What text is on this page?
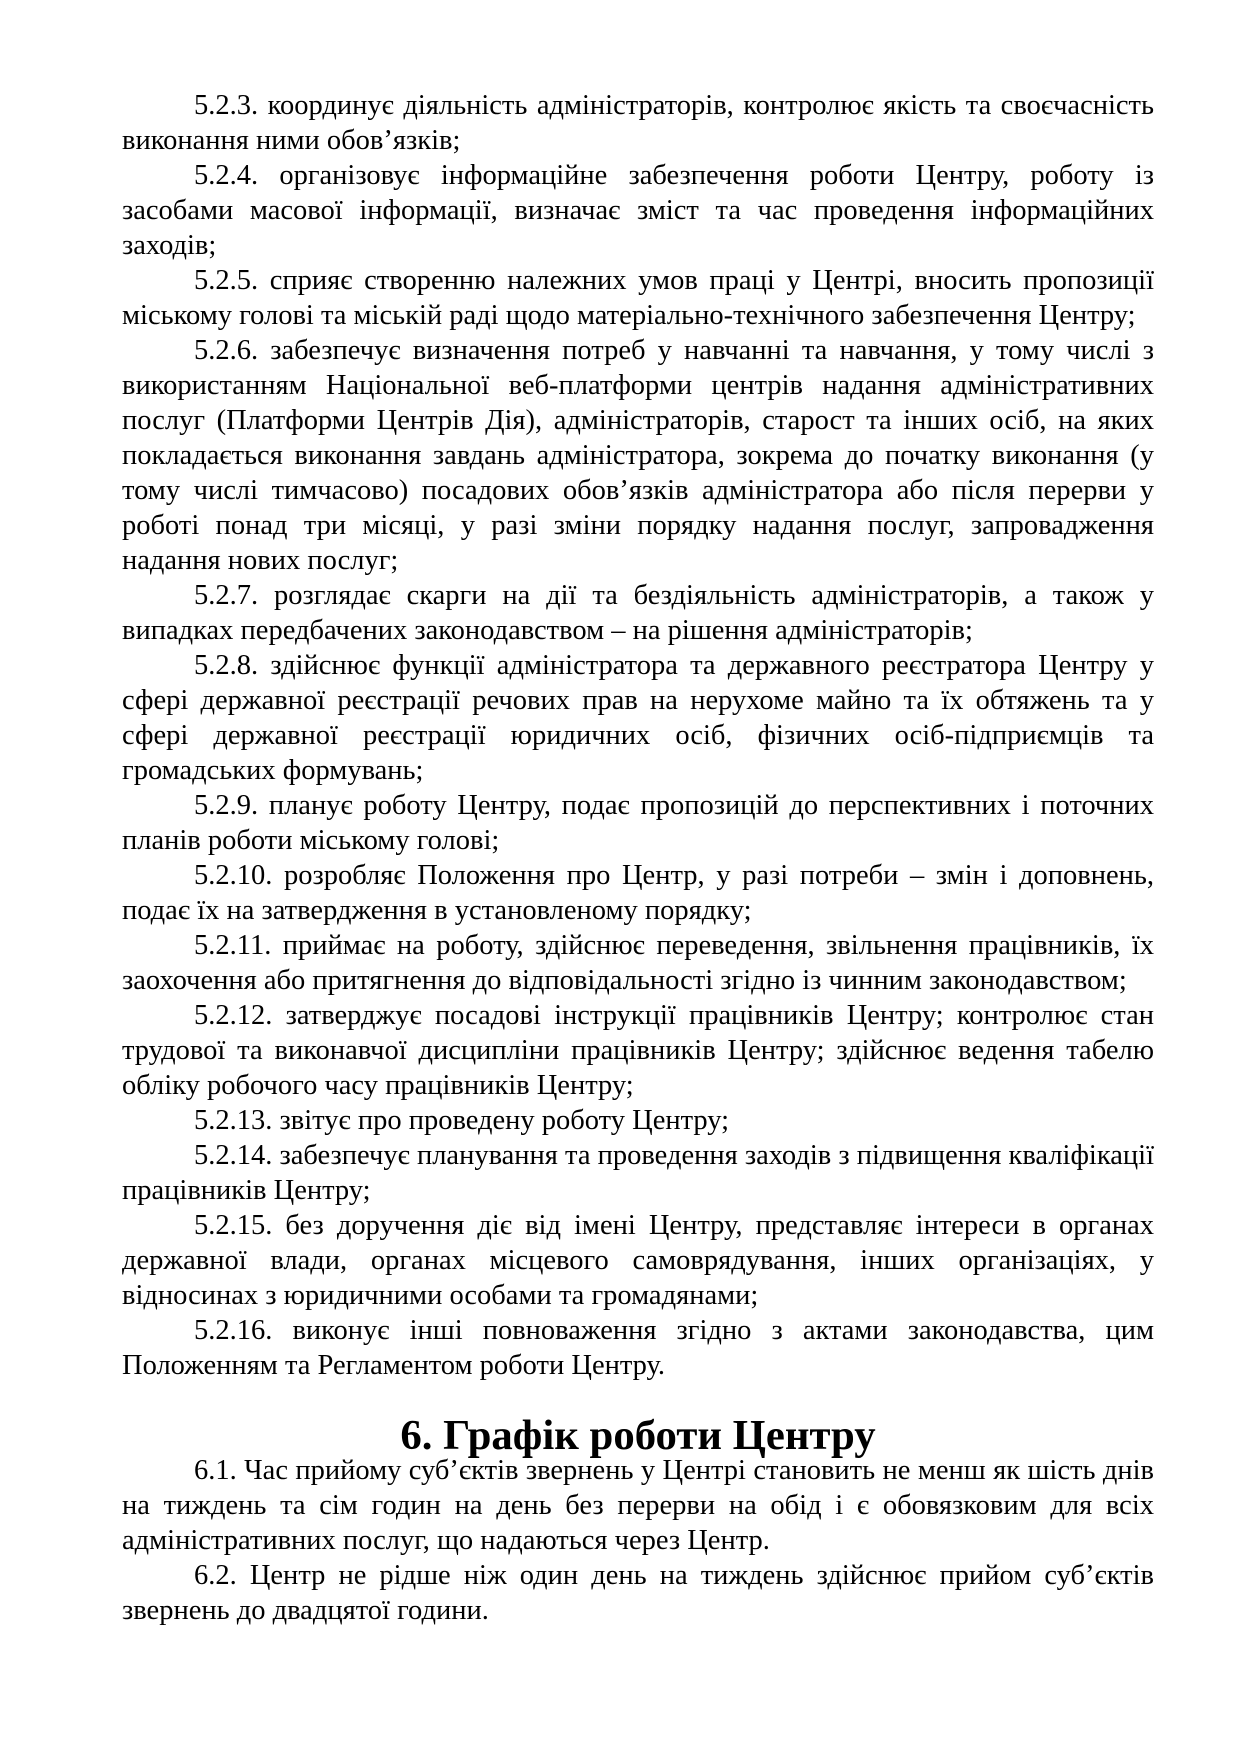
5.2.3. координує діяльність адміністраторів, контролює якість та своєчасність виконання ними обов’язків;

5.2.4. організовує інформаційне забезпечення роботи Центру, роботу із засобами масової інформації, визначає зміст та час проведення інформаційних заходів;

5.2.5. сприяє створенню належних умов праці у Центрі, вносить пропозиції міському голові та міській раді щодо матеріально-технічного забезпечення Центру;

5.2.6. забезпечує визначення потреб у навчанні та навчання, у тому числі з використанням Національної веб-платформи центрів надання адміністративних послуг (Платформи Центрів Дія), адміністраторів, старост та інших осіб, на яких покладається виконання завдань адміністратора, зокрема до початку виконання (у тому числі тимчасово) посадових обов’язків адміністратора або після перерви у роботі понад три місяці, у разі зміни порядку надання послуг, запровадження надання нових послуг;

5.2.7. розглядає скарги на дії та бездіяльність адміністраторів, а також у випадках передбачених законодавством – на рішення адміністраторів;

5.2.8. здійснює функції адміністратора та державного реєстратора Центру у сфері державної реєстрації речових прав на нерухоме майно та їх обтяжень та у сфері державної реєстрації юридичних осіб, фізичних осіб-підприємців та громадських формувань;

5.2.9. планує роботу Центру, подає пропозицій до перспективних і поточних планів роботи міському голові;

5.2.10. розробляє Положення про Центр, у разі потреби – змін і доповнень, подає їх на затвердження в установленому порядку;

5.2.11. приймає на роботу, здійснює переведення, звільнення працівників, їх заохочення або притягнення до відповідальності згідно із чинним законодавством;

5.2.12. затверджує посадові інструкції працівників Центру; контролює стан трудової та виконавчої дисципліни працівників Центру; здійснює ведення табелю обліку робочого часу працівників Центру;

5.2.13. звітує про проведену роботу Центру;

5.2.14. забезпечує планування та проведення заходів з підвищення кваліфікації працівників Центру;

5.2.15. без доручення діє від імені Центру, представляє інтереси в органах державної влади, органах місцевого самоврядування, інших організаціях, у відносинах з юридичними особами та громадянами;

5.2.16. виконує інші повноваження згідно з актами законодавства, цим Положенням та Регламентом роботи Центру.

6. Графік роботи Центру

6.1. Час прийому суб’єктів звернень у Центрі становить не менш як шість днів на тиждень та сім годин на день без перерви на обід і є обовязковим для всіх адміністративних послуг, що надаються через Центр.

6.2. Центр не рідше ніж один день на тиждень здійснює прийом суб’єктів звернень до двадцятої години.
